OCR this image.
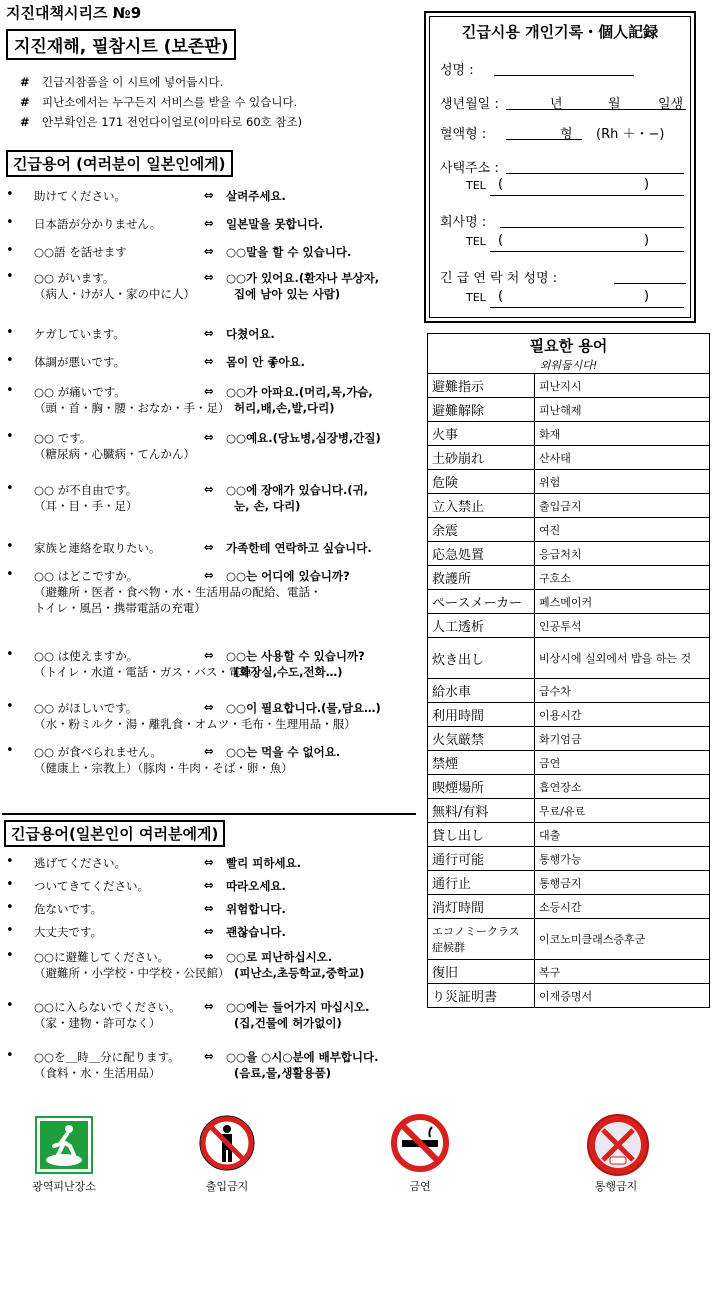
지진대책시리즈 №9
지진재해, 필참시트 (보존판)
# 긴급지참품을 이 시트에 넣어둡시다.
# 피난소에서는 누구든지 서비스를 받을 수 있습니다.
# 안부확인은 171 전언다이얼로(이마타로 60호 참조)
긴급용어 (여러분이 일본인에게)
• 助けてください。	⇔ 살려주세요.
• 日本語が分かりません。	⇔ 일본말을 못합니다.
• ○○語 を話せます	⇔ ○○말을 할 수 있습니다.
• ○○ がいます。	⇔ ○○가 있어요.(환자나 부상자,
（病人・けが人・家の中に人）	집에 남아 있는 사람)
• ケガしています。	⇔ 다쳤어요.
• 体調が悪いです。	⇔ 몸이 안 좋아요.
• ○○ が痛いです。	⇔ ○○가 아파요.(머리,목,가슴,
（頭・首・胸・腰・おなか・手・足） 허리,배,손,발,다리)
• ○○ です。	⇔ ○○예요.(당뇨병,심장병,간질)
（糖尿病・心臓病・てんかん）
• ○○ が不自由です。	⇔ ○○에 장애가 있습니다.(귀,
（耳・目・手・足）	눈, 손, 다리)
• 家族と連絡を取りたい。	⇔ 가족한테 연락하고 싶습니다.
• ○○ はどこですか。	⇔ ○○는 어디에 있습니까?
（避難所・医者・食べ物・水・生活用品の配給、電話・
トイレ・風呂・携帯電話の充電）
• ○○ は使えますか。	⇔ ○○는 사용할 수 있습니까?
（トイレ・水道・電話・ガス・バス・電車）
(화장실,수도,전화…)
• ○○ がほしいです。	⇔ ○○이 필요합니다.(물,담요…)
（水・粉ミルク・湯・離乳食・オムツ・毛布・生理用品・服）
• ○○ が食べられません。	⇔ ○○는 먹을 수 없어요.
（健康上・宗教上）（豚肉・牛肉・そば・卵・魚）
긴급용어(일본인이 여러분에게)
• 逃げてください。	⇔ 빨리 피하세요.
• ついてきてください。	⇔ 따라오세요.
• 危ないです。	⇔ 위험합니다.
• 大丈夫です。	⇔ 괜찮습니다.
• ○○に避難してください。	⇔ ○○로 피난하십시오.
（避難所・小学校・中学校・公民館） (피난소,초등학교,중학교)
• ○○に入らないでください。 ⇔ ○○에는 들어가지 마십시오.
（家・建物・許可なく）	(집,건물에 허가없이)
• ○○を＿時＿分に配ります。 ⇔ ○○을 ○시○분에 배부합니다.
（食料・水・生活用品）	(음료,물,생활용품)
긴급시용 개인기록・個人記録
성명 :
생년월일 :	년	월	일생
혈액형 :	형 (Rh ＋・−)
사택주소 :
TEL (	)
회사명 :
TEL (	)
긴 급 연 락 처 성명 :
TEL (	)
필요한 용어	
외워둡시다!	
避難指示	피난지시
避難解除	피난해제
火事	화재
土砂崩れ	산사태
危険	위험
立入禁止	출입금지
余震	여진
応急処置	응급처치
救護所	구호소
ペースメーカー	페스메이커
人工透析	인공투석
炊き出し	비상시에 실외에서 밥을 하는 것
給水車	급수차
利用時間	이용시간
火気厳禁	화기엄금
禁煙	금연
喫煙場所	흡연장소
無料/有料	무료/유료
貸し出し	대출
通行可能	통행가능
通行止	통행금지
消灯時間	소등시간
エコノミークラス症候群	이코노미클래스증후군
復旧	복구
り災証明書	이재증명서
광역피난장소	출입금지	금연	통행금지
